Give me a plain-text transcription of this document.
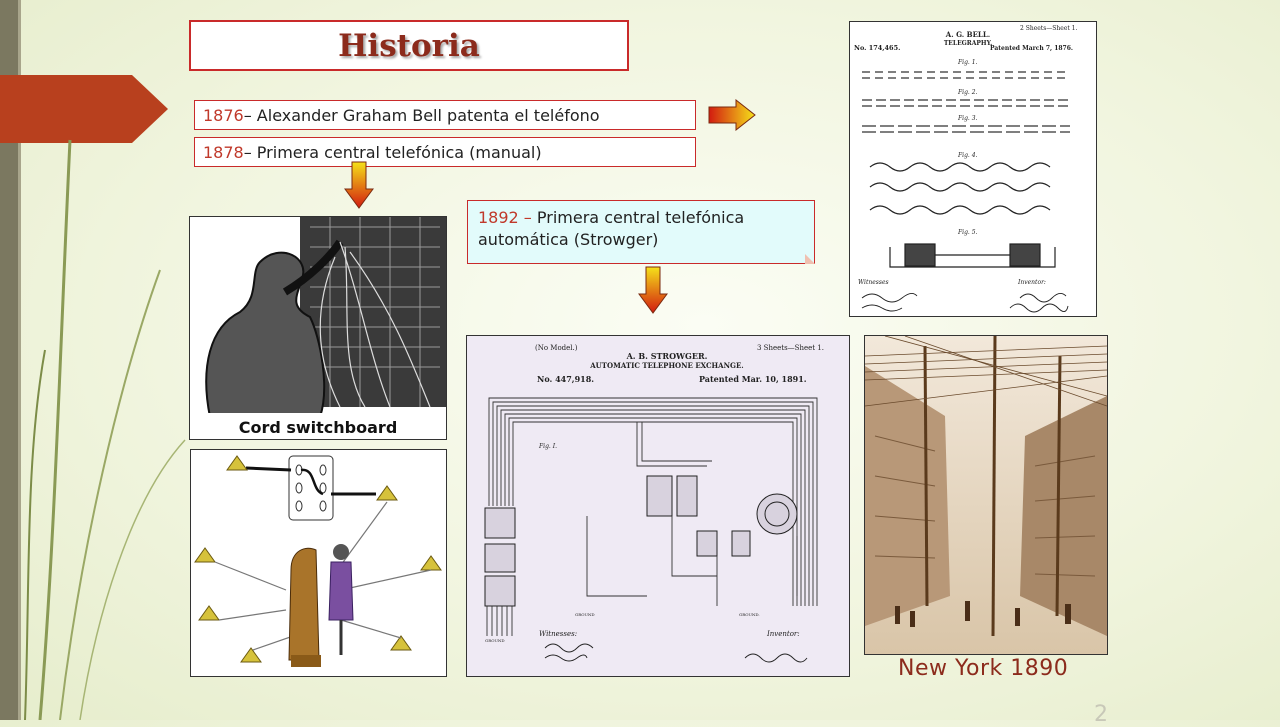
Historia
1876 – Alexander Graham Bell patenta el teléfono
1878 – Primera central telefónica (manual)
1892 – Primera central telefónica automática (Strowger)
Cord switchboard
2 Sheets—Sheet 1.
A. G. BELL.
TELEGRAPHY.
No. 174,465.	Patented March 7, 1876.
Fig. 1.
Fig. 2.
Fig. 3.
Fig. 4.
Fig. 5.
Witnesses	Inventor:
(No Model.)	3 Sheets—Sheet 1.
A. B. STROWGER.
AUTOMATIC TELEPHONE EXCHANGE.
No. 447,918.	Patented Mar. 10, 1891.
Fig. I.
GROUND
GROUND	GROUND.
Witnesses:	Inventor:
New York 1890
2
